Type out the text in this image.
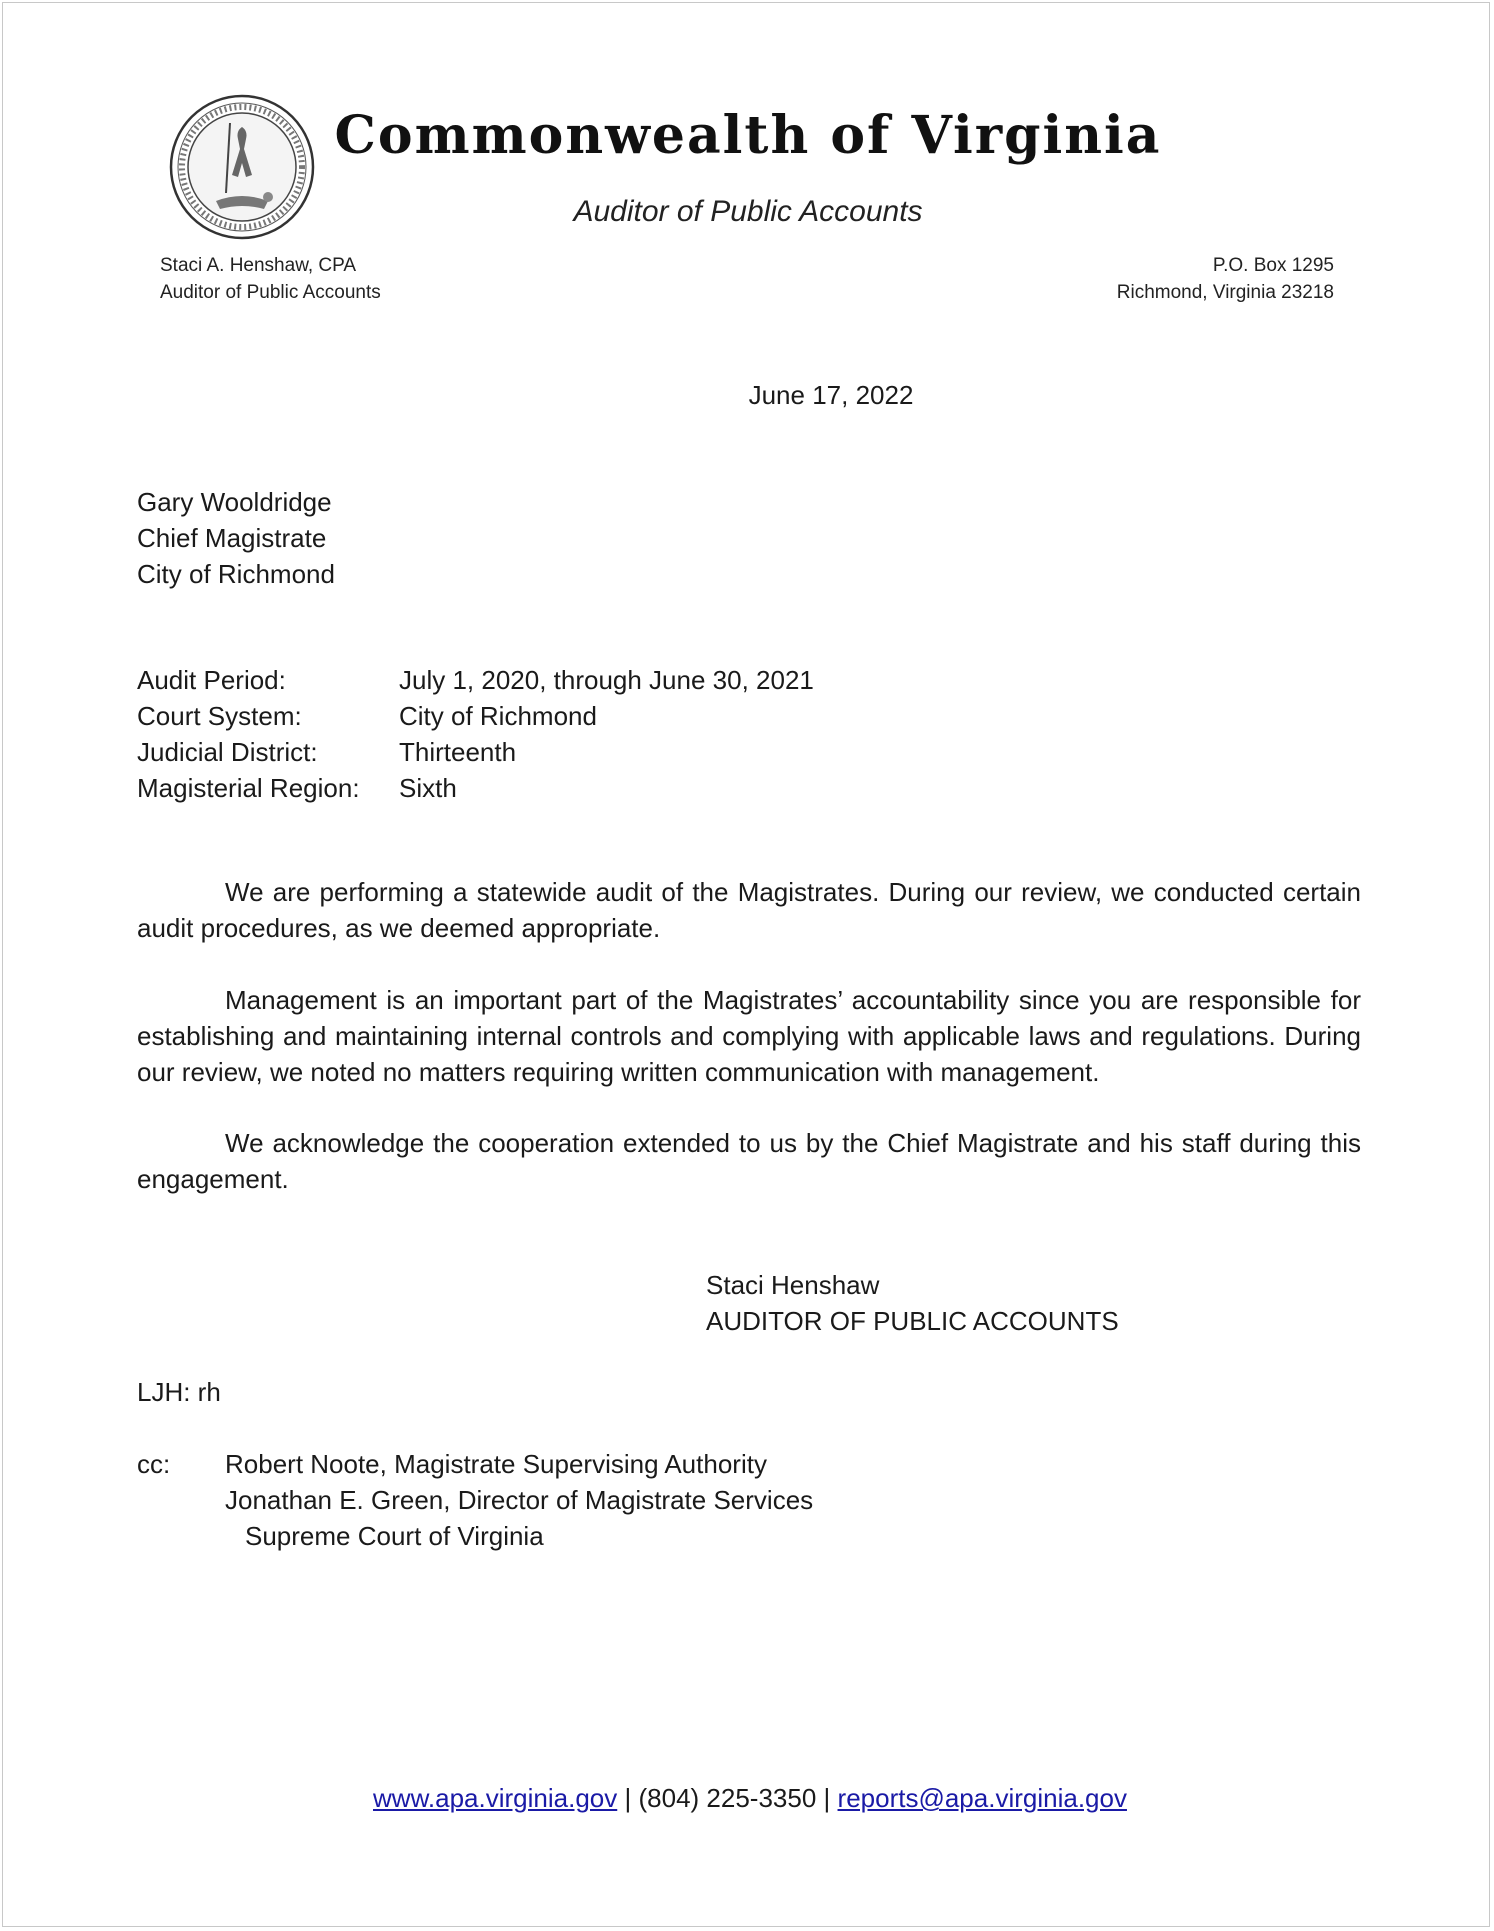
Commonwealth of Virginia
Auditor of Public Accounts
Staci A. Henshaw, CPA
Auditor of Public Accounts
P.O. Box 1295
Richmond, Virginia 23218
June 17, 2022
Gary Wooldridge
Chief Magistrate
City of Richmond
Audit Period:	July 1, 2020, through June 30, 2021
Court System:	City of Richmond
Judicial District:	Thirteenth
Magisterial Region:	Sixth
We are performing a statewide audit of the Magistrates. During our review, we conducted certain audit procedures, as we deemed appropriate.
Management is an important part of the Magistrates’ accountability since you are responsible for establishing and maintaining internal controls and complying with applicable laws and regulations. During our review, we noted no matters requiring written communication with management.
We acknowledge the cooperation extended to us by the Chief Magistrate and his staff during this engagement.
Staci Henshaw
AUDITOR OF PUBLIC ACCOUNTS
LJH: rh
cc:	Robert Noote, Magistrate Supervising Authority
Jonathan E. Green, Director of Magistrate Services
Supreme Court of Virginia
www.apa.virginia.gov | (804) 225-3350 | reports@apa.virginia.gov
